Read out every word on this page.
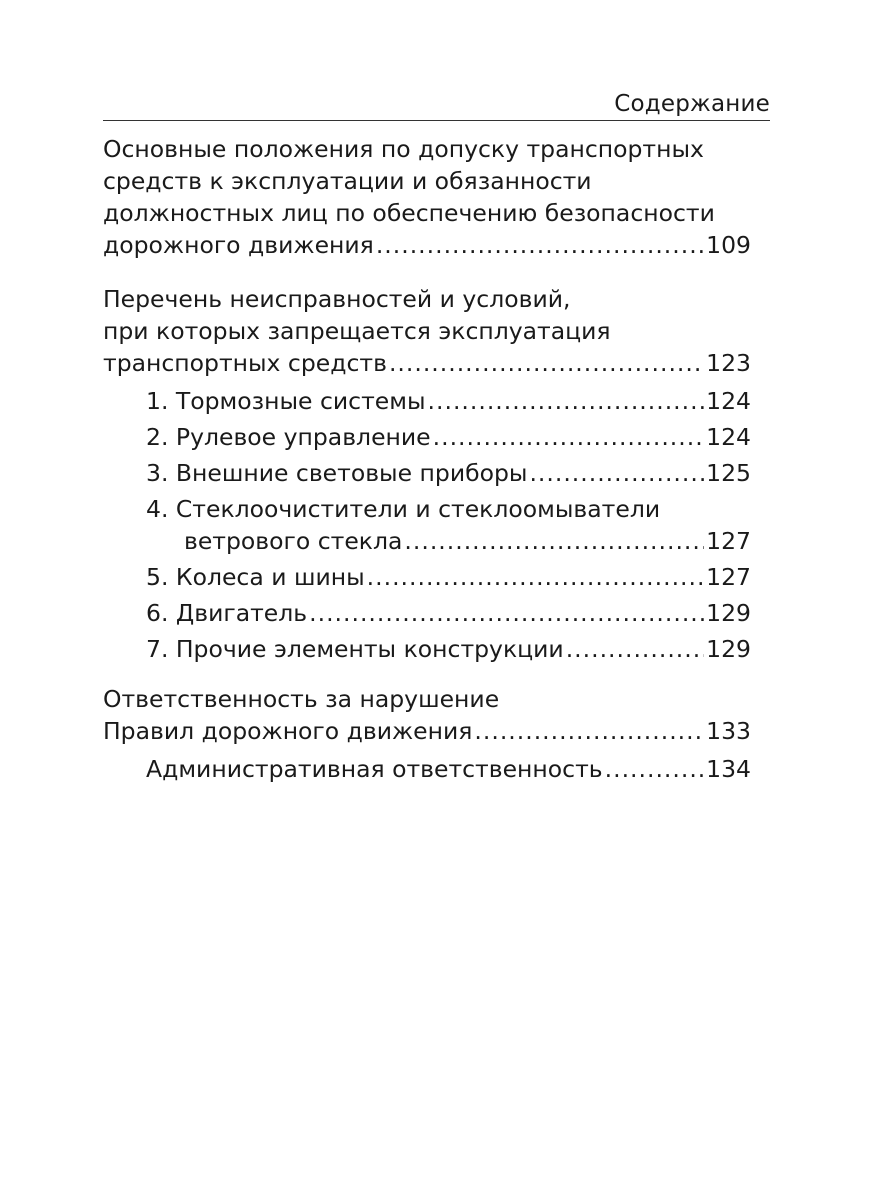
Содержание
Основные положения по допуску транспортных
средств к эксплуатации и обязанности
должностных лиц по обеспечению безопасности
дорожного движения .....	109
Перечень неисправностей и условий,
при которых запрещается эксплуатация
транспортных средств .....	123
1. Тормозные системы .....	124
2. Рулевое управление .....	124
3. Внешние световые приборы .....	125
4. Стеклоочистители и стеклоомыватели
ветрового стекла .....	127
5. Колеса и шины .....	127
6. Двигатель .....	129
7. Прочие элементы конструкции .....	129
Ответственность за нарушение
Правил дорожного движения .....	133
Административная ответственность .....	134
